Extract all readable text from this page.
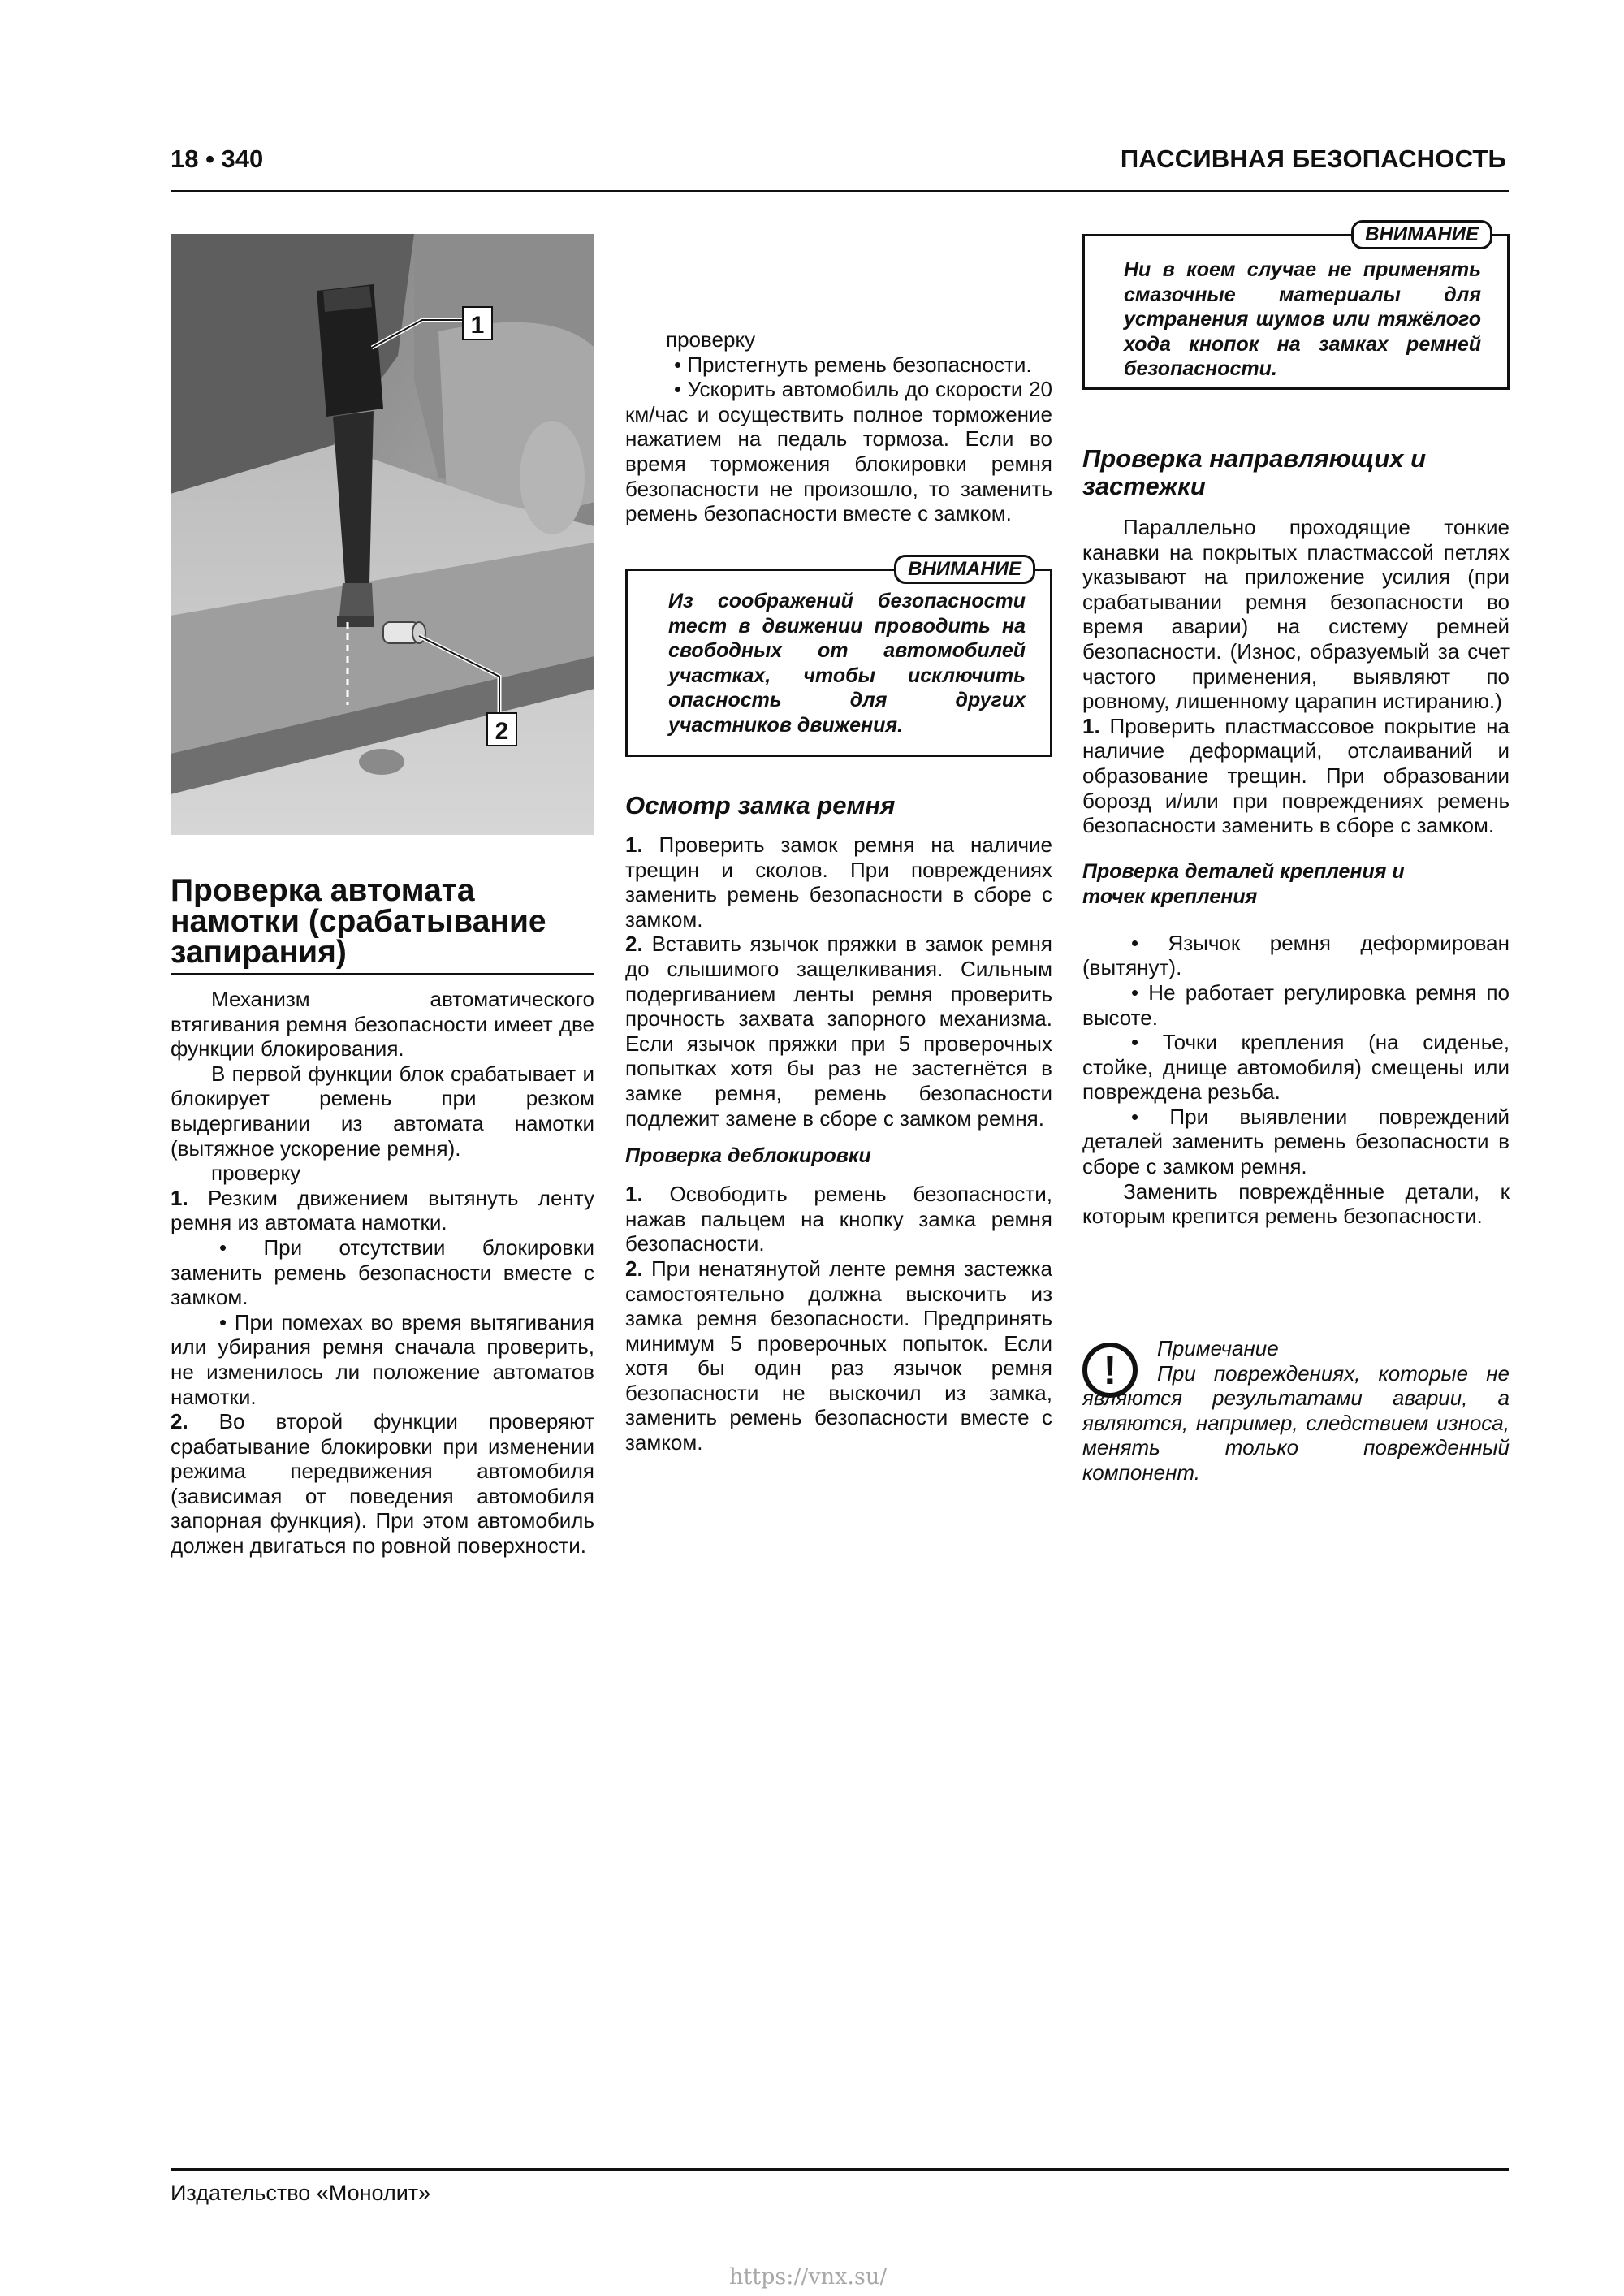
18 • 340	ПАССИВНАЯ БЕЗОПАСНОСТЬ
1
2

Проверка автомата намотки (срабатывание запирания)

Механизм автоматического втягивания ремня безопасности имеет две функции блокирования.

В первой функции блок срабатывает и блокирует ремень при резком выдергивании из автомата намотки (вытяжное ускорение ремня).

проверку

1. Резким движением вытянуть ленту ремня из автомата намотки.

• При отсутствии блокировки заменить ремень безопасности вместе с замком.

• При помехах во время вытягивания или убирания ремня сначала проверить, не изменилось ли положение автоматов намотки.

2. Во второй функции проверяют срабатывание блокировки при изменении режима передвижения автомобиля (зависимая от поведения автомобиля запорная функция). При этом автомобиль должен двигаться по ровной поверхности.

проверку

• Пристегнуть ремень безопасности.

• Ускорить автомобиль до скорости 20 км/час и осуществить полное торможение нажатием на педаль тормоза. Если во время торможения блокировки ремня безопасности не произошло, то заменить ремень безопасности вместе с замком.

ВНИМАНИЕ
Из соображений безопасности тест в движении проводить на свободных от автомобилей участках, чтобы исключить опасность для других участников движения.

Осмотр замка ремня

1. Проверить замок ремня на наличие трещин и сколов. При повреждениях заменить ремень безопасности в сборе с замком.

2. Вставить язычок пряжки в замок ремня до слышимого защелкивания. Сильным подергиванием ленты ремня проверить прочность захвата запорного механизма. Если язычок пряжки при 5 проверочных попытках хотя бы раз не застегнётся в замке ремня, ремень безопасности подлежит замене в сборе с замком ремня.

Проверка деблокировки

1. Освободить ремень безопасности, нажав пальцем на кнопку замка ремня безопасности.

2. При ненатянутой ленте ремня застежка самостоятельно должна выскочить из замка ремня безопасности. Предпринять минимум 5 проверочных попыток. Если хотя бы один раз язычок ремня безопасности не выскочил из замка, заменить ремень безопасности вместе с замком.

ВНИМАНИЕ
Ни в коем случае не применять смазочные материалы для устранения шумов или тяжёлого хода кнопок на замках ремней безопасности.

Проверка направляющих и застежки

Параллельно проходящие тонкие канавки на покрытых пластмассой петлях указывают на приложение усилия (при срабатывании ремня безопасности во время аварии) на систему ремней безопасности. (Износ, образуемый за счет частого применения, выявляют по ровному, лишенному царапин истиранию.)

1. Проверить пластмассовое покрытие на наличие деформаций, отслаиваний и образование трещин. При образовании борозд и/или при повреждениях ремень безопасности заменить в сборе с замком.

Проверка деталей крепления и точек крепления

• Язычок ремня деформирован (вытянут).

• Не работает регулировка ремня по высоте.

• Точки крепления (на сиденье, стойке, днище автомобиля) смещены или повреждена резьба.

• При выявлении повреждений деталей заменить ремень безопасности в сборе с замком ремня.

Заменить повреждённые детали, к которым крепится ремень безопасности.

!	Примечание

При повреждениях, которые не являются результатами аварии, а являются, например, следствием износа, менять только поврежденный компонент.

Издательство «Монолит»
https://vnx.su/
